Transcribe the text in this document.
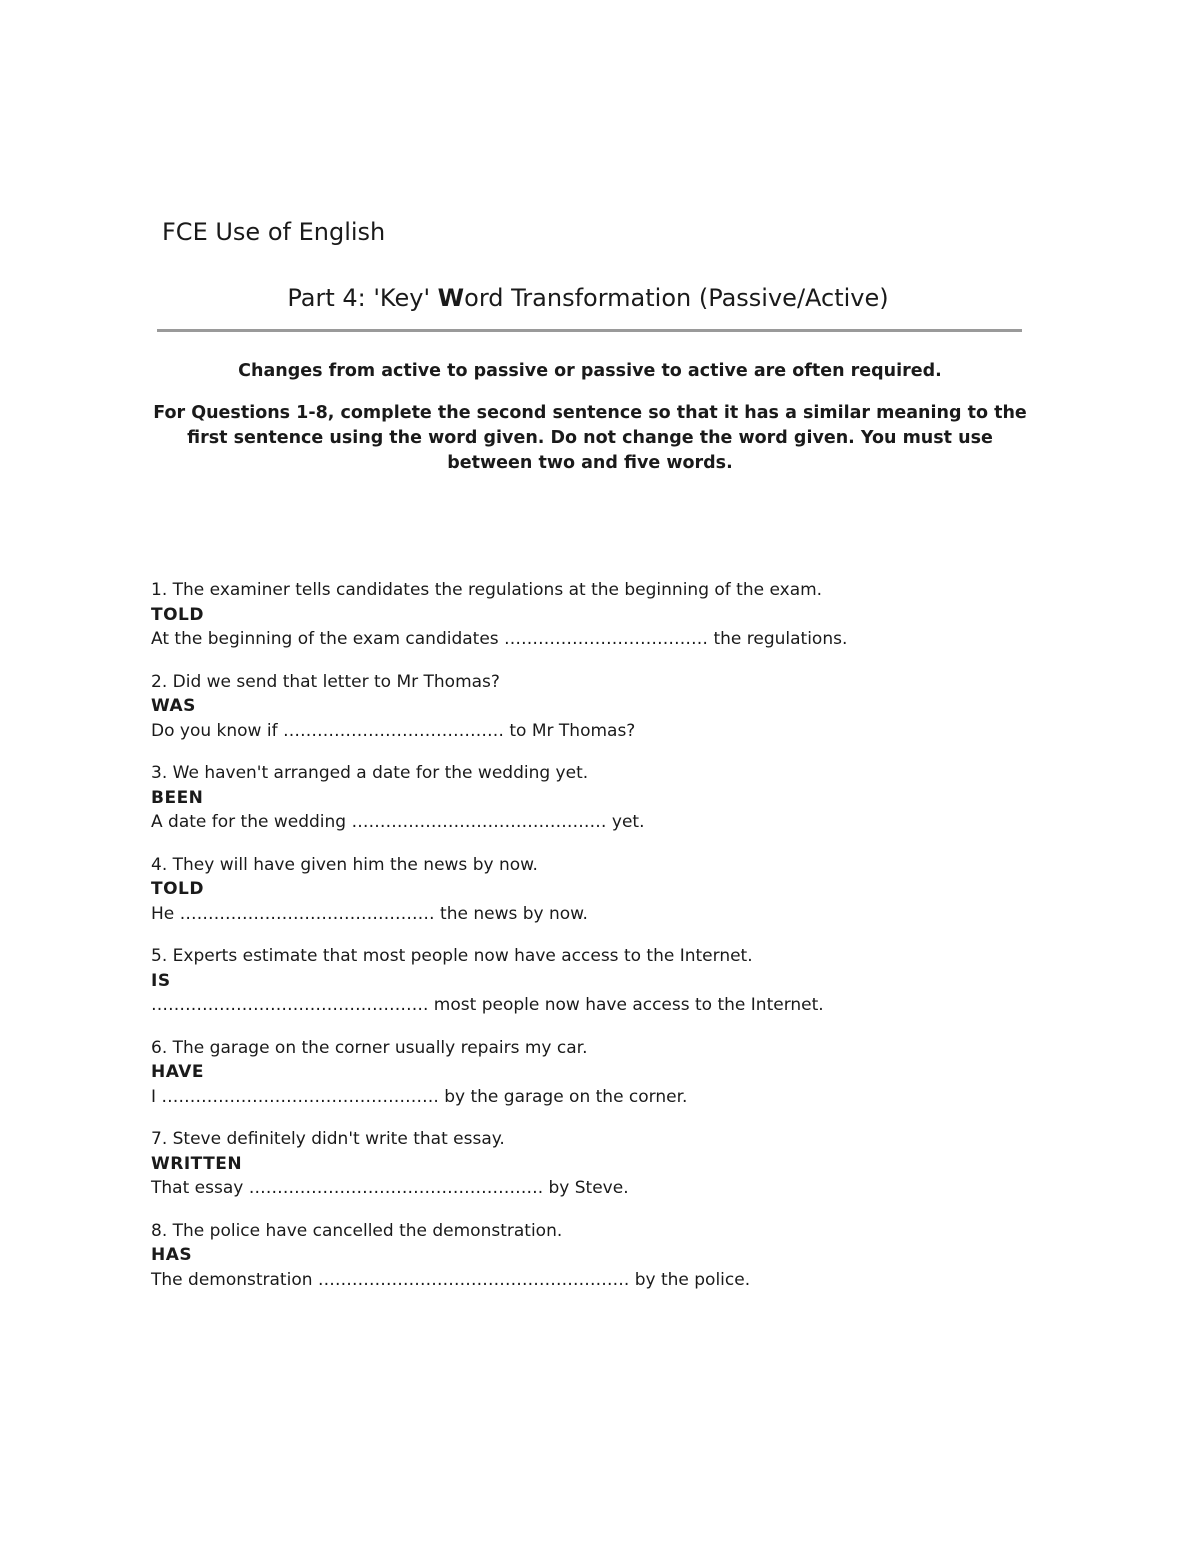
FCE Use of English
Part 4: 'Key' Word Transformation (Passive/Active)

Changes from active to passive or passive to active are often required.

For Questions 1-8, complete the second sentence so that it has a similar meaning to the first sentence using the word given. Do not change the word given. You must use between two and five words.

1. The examiner tells candidates the regulations at the beginning of the exam.
TOLD
At the beginning of the exam candidates ……………………………… the regulations.
2. Did we send that letter to Mr Thomas?
WAS
Do you know if ………………………………… to Mr Thomas?
3. We haven't arranged a date for the wedding yet.
BEEN
A date for the wedding ……………………………………… yet.
4. They will have given him the news by now.
TOLD
He ……………………………………… the news by now.
5. Experts estimate that most people now have access to the Internet.
IS
…………………………………………. most people now have access to the Internet.
6. The garage on the corner usually repairs my car.
HAVE
I …………………………………………. by the garage on the corner.
7. Steve definitely didn't write that essay.
WRITTEN
That essay ……………………………………………. by Steve.
8. The police have cancelled the demonstration.
HAS
The demonstration ………………………………………………. by the police.
